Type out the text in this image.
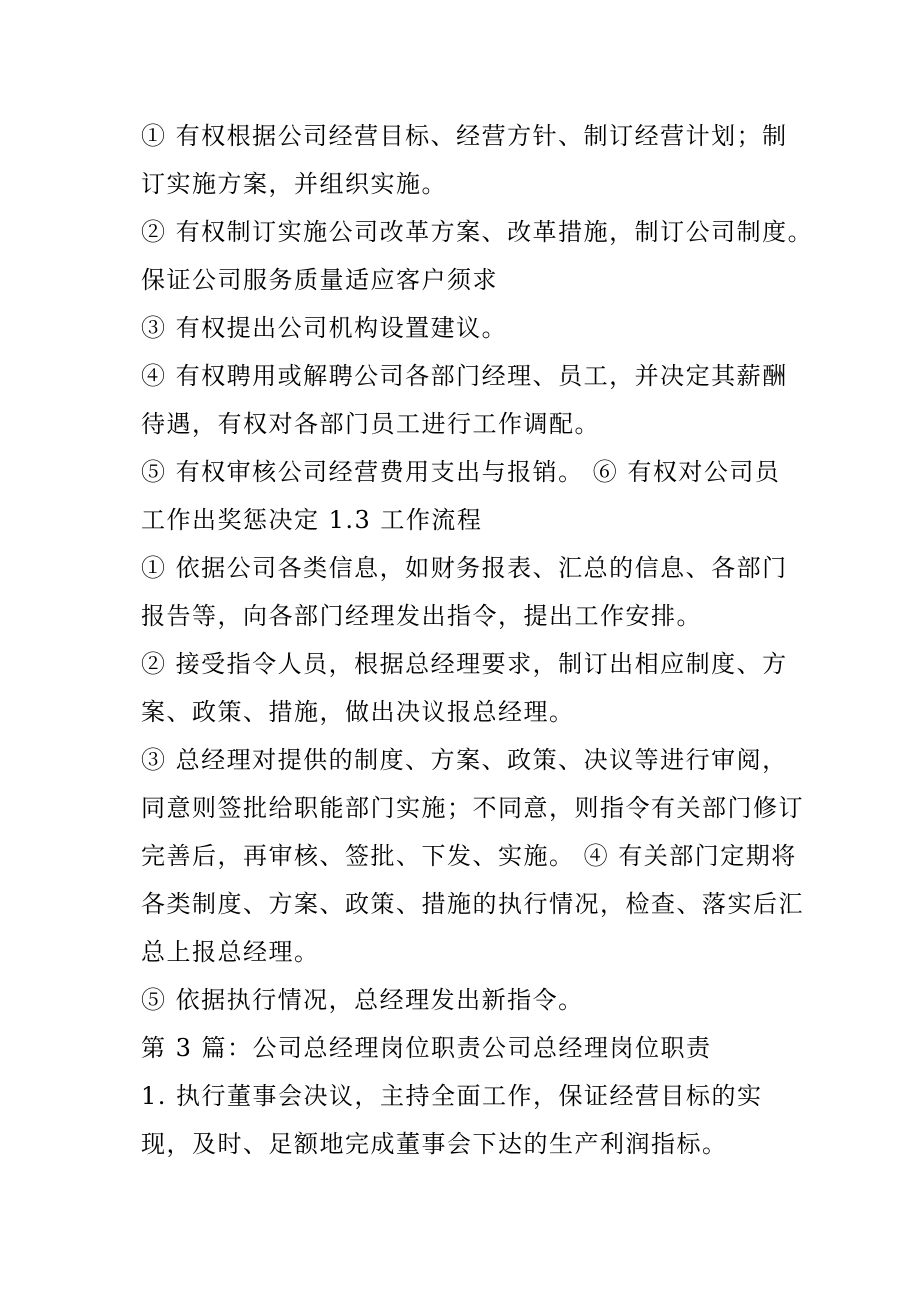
① 有权根据公司经营目标、经营方针、制订经营计划；制
订实施方案，并组织实施。
② 有权制订实施公司改革方案、改革措施，制订公司制度。
保证公司服务质量适应客户须求
③ 有权提出公司机构设置建议。
④ 有权聘用或解聘公司各部门经理、员工，并决定其薪酬
待遇，有权对各部门员工进行工作调配。
⑤ 有权审核公司经营费用支出与报销。 ⑥ 有权对公司员
工作出奖惩决定 1.3 工作流程
① 依据公司各类信息，如财务报表、汇总的信息、各部门
报告等，向各部门经理发出指令，提出工作安排。
② 接受指令人员，根据总经理要求，制订出相应制度、方
案、政策、措施，做出决议报总经理。
③ 总经理对提供的制度、方案、政策、决议等进行审阅，
同意则签批给职能部门实施；不同意，则指令有关部门修订
完善后，再审核、签批、下发、实施。 ④ 有关部门定期将
各类制度、方案、政策、措施的执行情况，检查、落实后汇
总上报总经理。
⑤ 依据执行情况，总经理发出新指令。
第 3 篇：公司总经理岗位职责公司总经理岗位职责
1. 执行董事会决议，主持全面工作，保证经营目标的实
现，及时、足额地完成董事会下达的生产利润指标。
